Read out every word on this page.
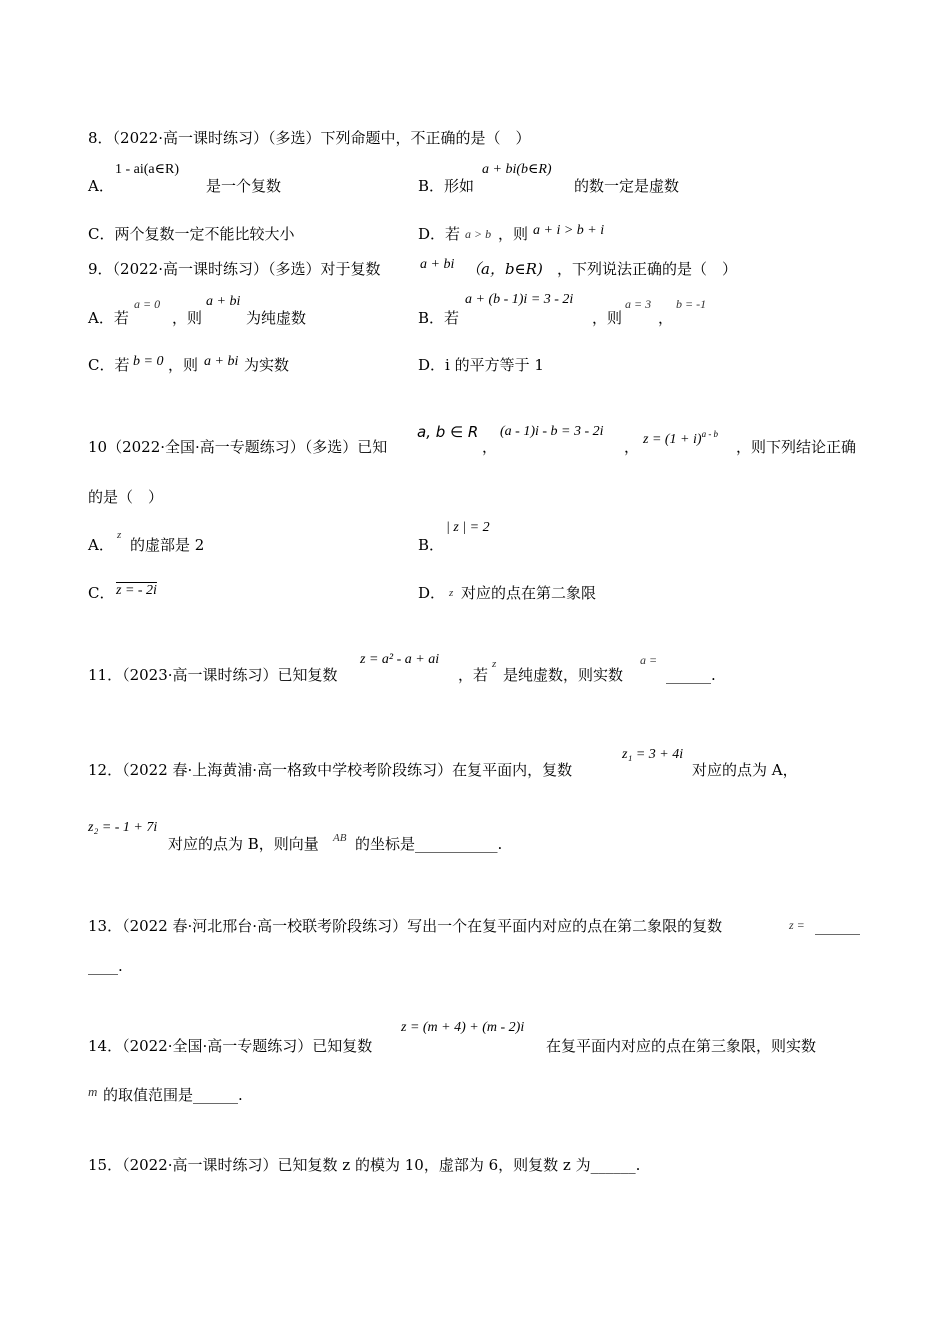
8．（2022·高一课时练习）（多选）下列命题中，不正确的是（　）
A．
1 - ai(a∈R)
是一个复数	B．形如
a + bi(b∈R)
的数一定是虚数
C．两个复数一定不能比较大小	D．若 a > b ，则 a + i > b + i
9．（2022·高一课时练习）（多选）对于复数	a + bi （a，b∈R) ，下列说法正确的是（　）
A．若
a = 0
，则
a + bi
为纯虚数	B．若
a + (b - 1)i = 3 - 2i
，则
a = 3
，
b = -1
C．若 b = 0 ，则 a + bi 为实数	D．i 的平方等于 1
10（2022·全国·高一专题练习）（多选）已知
a, b ∈ R
，
(a - 1)i - b = 3 - 2i
， $z = (1 + i)^{a - b}$
，则下列结论正确
的是（　）
A．
z
的虚部是 2	B．
| z | = 2
C． z = - 2i	D． z 对应的点在第二象限
11．（2023·高一课时练习）已知复数
z = a² - a + ai
，若
z
是纯虚数，则实数
a =
______.
12．（2022 春·上海黄浦·高一格致中学校考阶段练习）在复平面内，复数
z₁ = 3 + 4i
对应的点为 A，
z₂ = - 1 + 7i
对应的点为 B，则向量 AB 的坐标是___________.
13．（2022 春·河北邢台·高一校联考阶段练习）写出一个在复平面内对应的点在第二象限的复数	z = ______
____.
14．（2022·全国·高一专题练习）已知复数
z = (m + 4) + (m - 2)i
在复平面内对应的点在第三象限，则实数
m 的取值范围是______.
15．（2022·高一课时练习）已知复数 z 的模为 10，虚部为 6，则复数 z 为______.
